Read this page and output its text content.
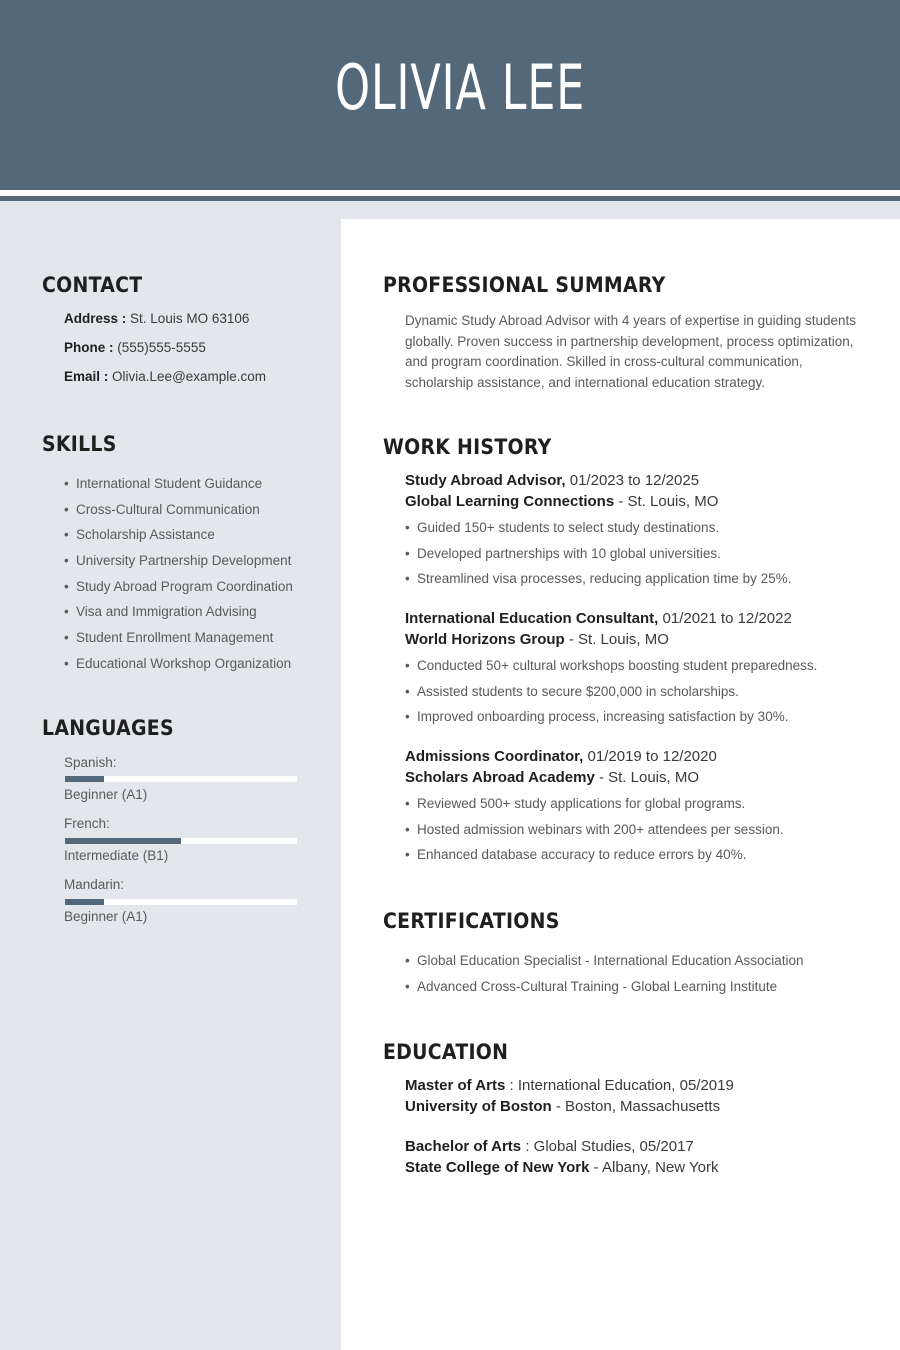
OLIVIA LEE
CONTACT
Address : St. Louis MO 63106
Phone : (555)555-5555
Email : Olivia.Lee@example.com
SKILLS
• International Student Guidance
• Cross-Cultural Communication
• Scholarship Assistance
• University Partnership Development
• Study Abroad Program Coordination
• Visa and Immigration Advising
• Student Enrollment Management
• Educational Workshop Organization
LANGUAGES
Spanish:
Beginner (A1)
French:
Intermediate (B1)
Mandarin:
Beginner (A1)
PROFESSIONAL SUMMARY
Dynamic Study Abroad Advisor with 4 years of expertise in guiding students globally. Proven success in partnership development, process optimization, and program coordination. Skilled in cross-cultural communication, scholarship assistance, and international education strategy.
WORK HISTORY
Study Abroad Advisor, 01/2023 to 12/2025
Global Learning Connections - St. Louis, MO
• Guided 150+ students to select study destinations.
• Developed partnerships with 10 global universities.
• Streamlined visa processes, reducing application time by 25%.
International Education Consultant, 01/2021 to 12/2022
World Horizons Group - St. Louis, MO
• Conducted 50+ cultural workshops boosting student preparedness.
• Assisted students to secure $200,000 in scholarships.
• Improved onboarding process, increasing satisfaction by 30%.
Admissions Coordinator, 01/2019 to 12/2020
Scholars Abroad Academy - St. Louis, MO
• Reviewed 500+ study applications for global programs.
• Hosted admission webinars with 200+ attendees per session.
• Enhanced database accuracy to reduce errors by 40%.
CERTIFICATIONS
• Global Education Specialist - International Education Association
• Advanced Cross-Cultural Training - Global Learning Institute
EDUCATION
Master of Arts : International Education, 05/2019
University of Boston - Boston, Massachusetts
Bachelor of Arts : Global Studies, 05/2017
State College of New York - Albany, New York
